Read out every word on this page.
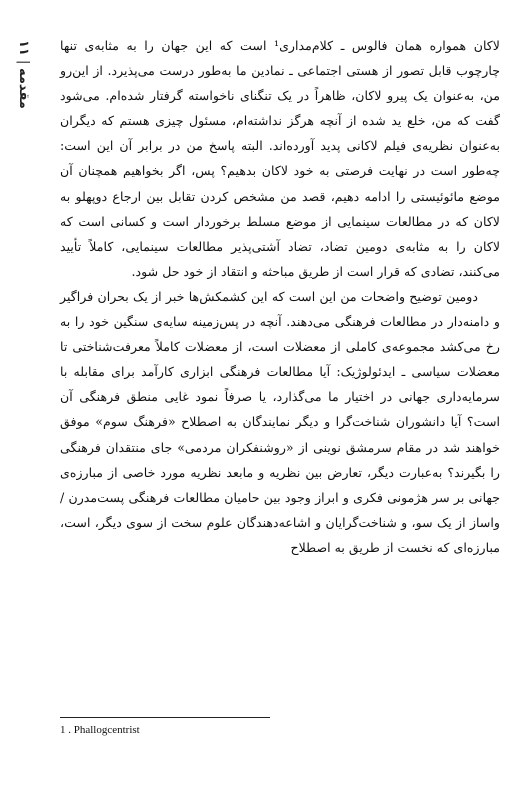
۱۱
|
مقدمه

لاکان همواره همان فالوس ـ کلام‌مداری¹ است که این جهان را به مثابه‌ی تنها چارچوب قابل تصور از هستی اجتماعی ـ نمادین ما به‌طور درست می‌پذیرد. از این‌رو من، به‌عنوان یک پیرو لاکان، ظاهراً در یک تنگنای ناخواسته گرفتار شده‌ام. می‌شود گفت که من، خلع ید شده از آنچه هرگز نداشته‌ام، مسئول چیزی هستم که دیگران به‌عنوان نظریه‌ی فیلم لاکانی پدید آورده‌اند. البته پاسخ من در برابر آن این است: چه‌طور است در نهایت فرصتی به خود لاکان بدهیم؟ پس، اگر بخواهیم همچنان آن موضع مائوئیستی را ادامه دهیم، قصد من مشخص کردن تقابل بین ارجاع دوپهلو به لاکان که در مطالعات سینمایی از موضع مسلط برخوردار است و کسانی است که لاکان را به مثابه‌ی دومین تضاد، تضاد آشتی‌پذیر مطالعات سینمایی، کاملاً تأیید می‌کنند، تضادی که قرار است از طریق مباحثه و انتقاد از خود حل شود.

دومین توضیح واضحات من این است که این کشمکش‌ها خبر از یک بحران فراگیر و دامنه‌دار در مطالعات فرهنگی می‌دهند. آنچه در پس‌زمینه سایه‌ی سنگین خود را به رخ می‌کشد مجموعه‌ی کاملی از معضلات است، از معضلات کاملاً معرفت‌شناختی تا معضلات سیاسی ـ ایدئولوژیک: آیا مطالعات فرهنگی ابزاری کارآمد برای مقابله با سرمایه‌داری جهانی در اختیار ما می‌گذارد، یا صرفاً نمود غایی منطق فرهنگی آن است؟ آیا دانشوران شناخت‌گرا و دیگر نمایندگان به اصطلاح «فرهنگ سوم» موفق خواهند شد در مقام سرمشق نوینی از «روشنفکران مردمی» جای منتقدان فرهنگی را بگیرند؟ به‌عبارت دیگر، تعارض بین نظریه و مابعد نظریه مورد خاصی از مبارزه‌ی جهانی بر سر هژمونی فکری و ابراز وجود بین حامیان مطالعات فرهنگی پست‌مدرن / واساز از یک سو، و شناخت‌گرایان و اشاعه‌دهندگان علوم سخت از سوی دیگر، است، مبارزه‌ای که نخست از طریق به اصطلاح

1 . Phallogcentrist
